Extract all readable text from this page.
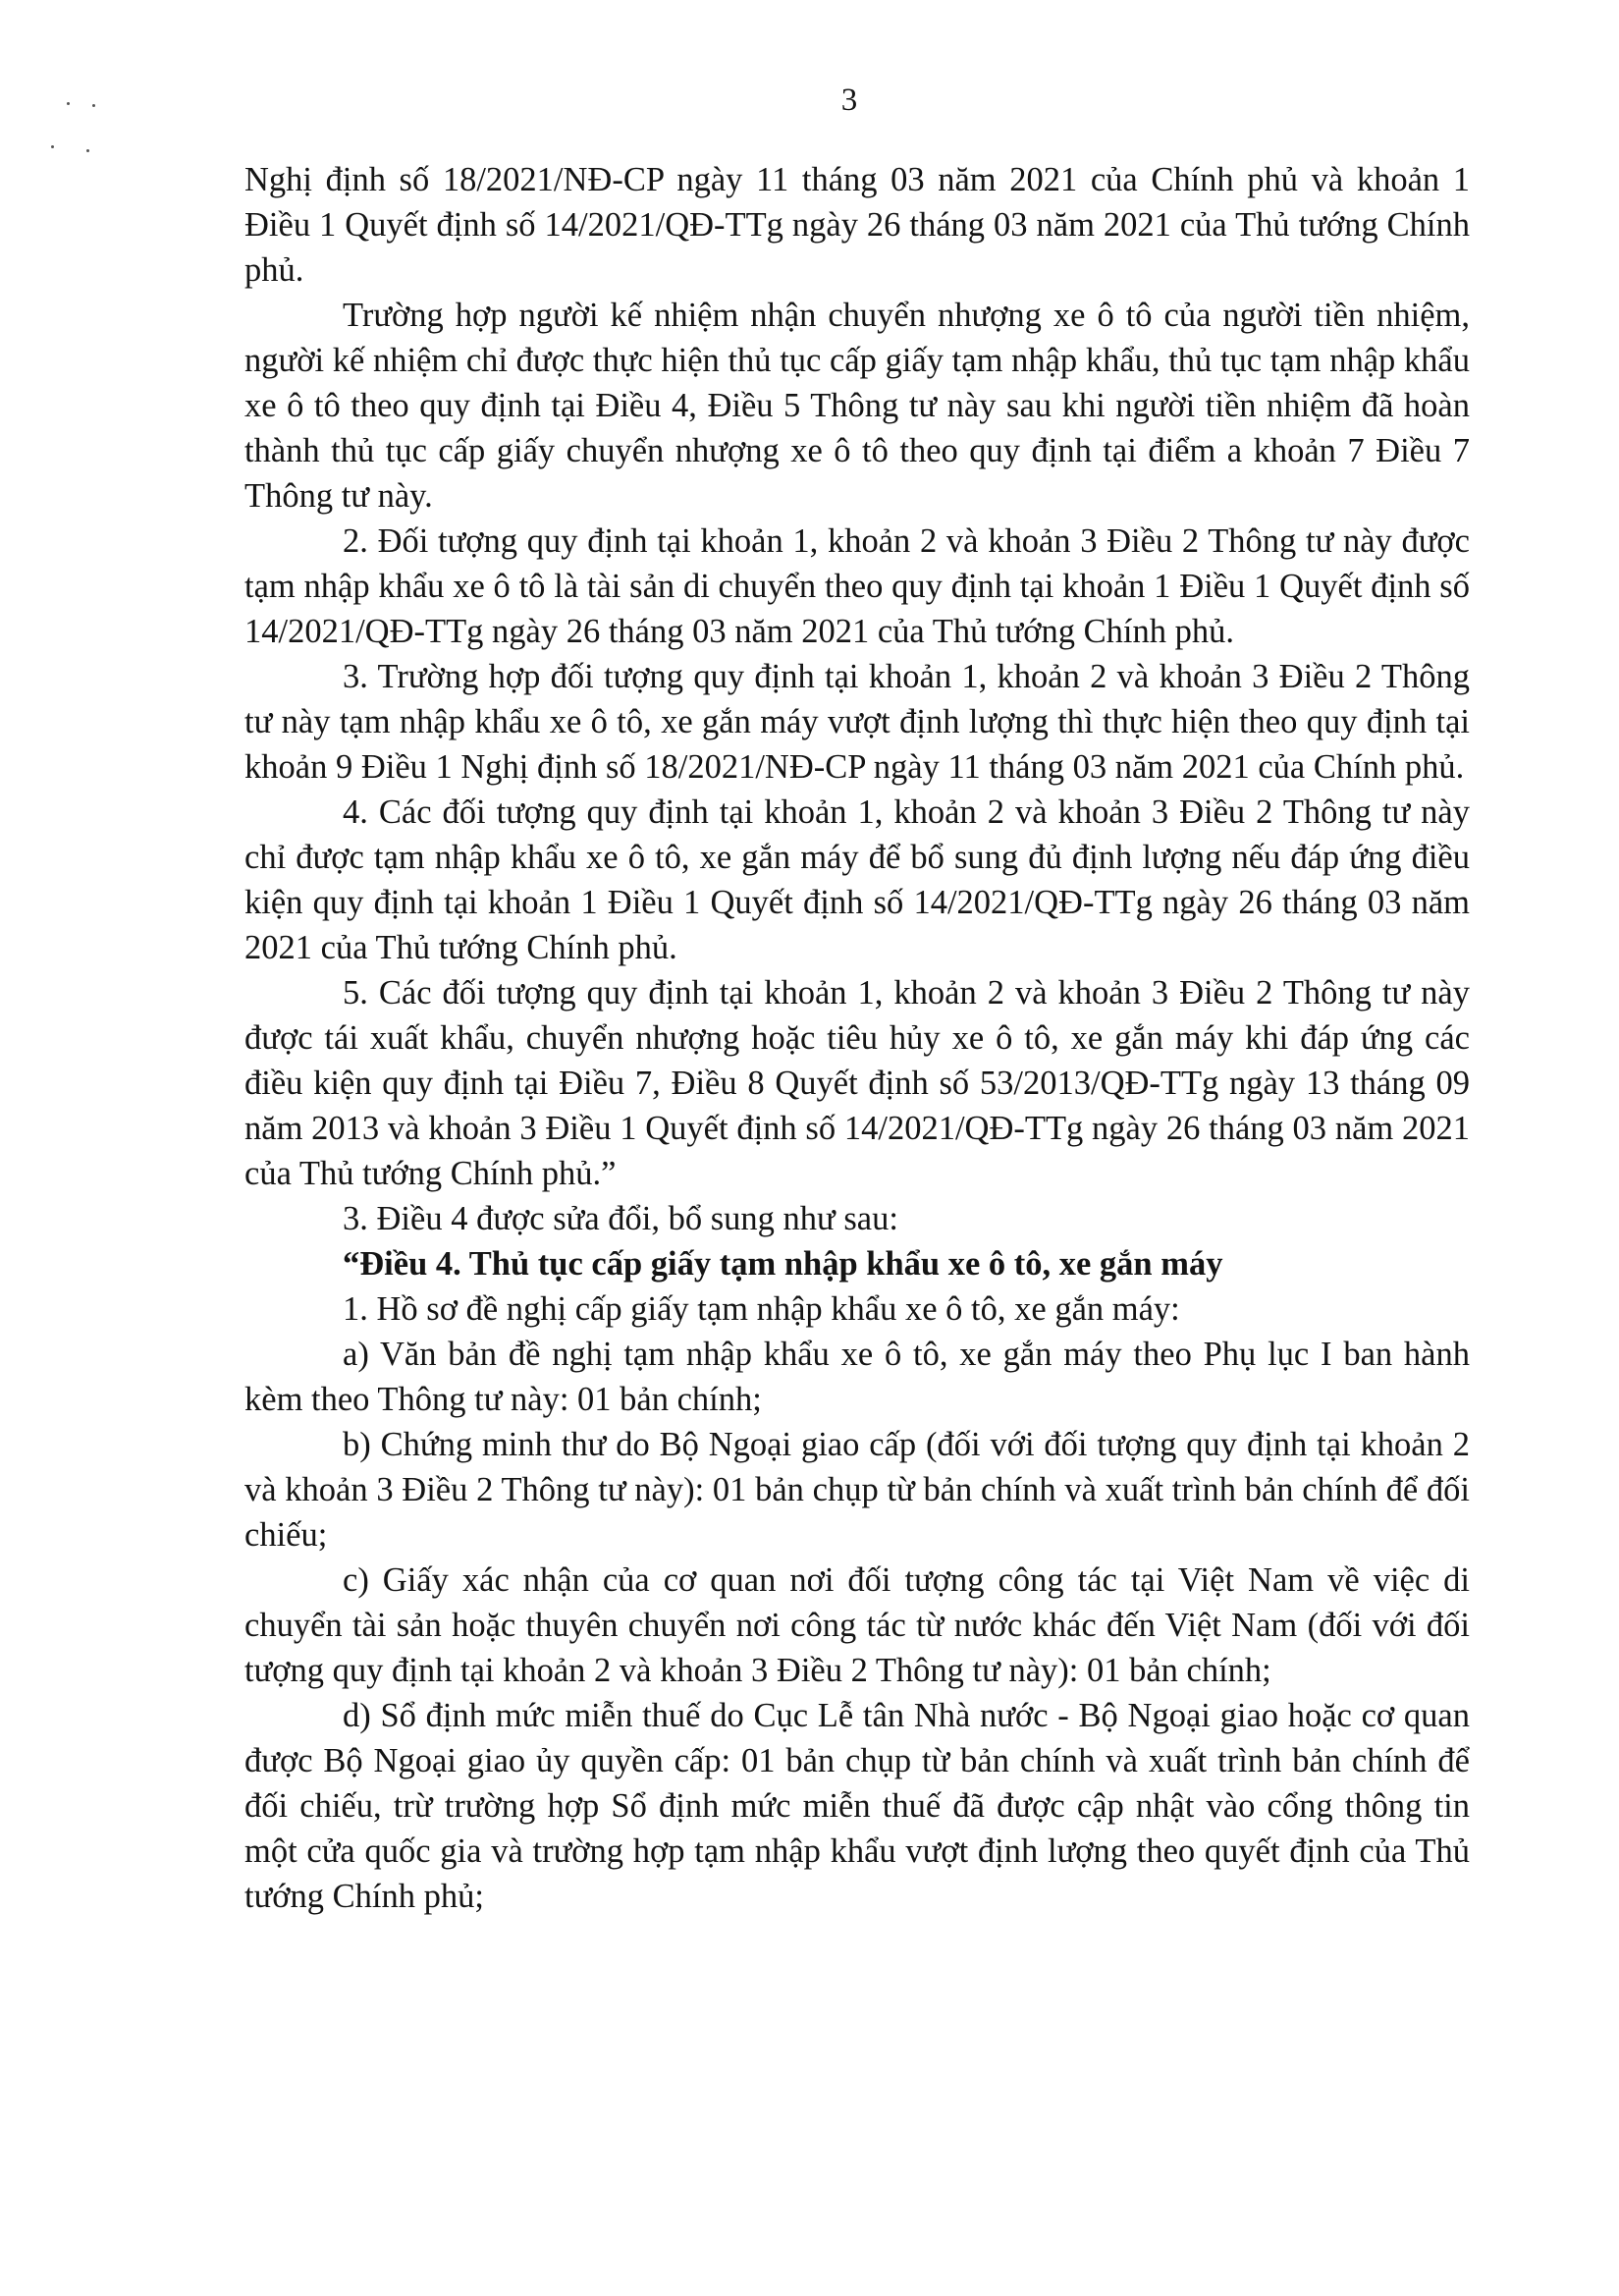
3

Nghị định số 18/2021/NĐ-CP ngày 11 tháng 03 năm 2021 của Chính phủ và khoản 1 Điều 1 Quyết định số 14/2021/QĐ-TTg ngày 26 tháng 03 năm 2021 của Thủ tướng Chính phủ.

Trường hợp người kế nhiệm nhận chuyển nhượng xe ô tô của người tiền nhiệm, người kế nhiệm chỉ được thực hiện thủ tục cấp giấy tạm nhập khẩu, thủ tục tạm nhập khẩu xe ô tô theo quy định tại Điều 4, Điều 5 Thông tư này sau khi người tiền nhiệm đã hoàn thành thủ tục cấp giấy chuyển nhượng xe ô tô theo quy định tại điểm a khoản 7 Điều 7 Thông tư này.

2. Đối tượng quy định tại khoản 1, khoản 2 và khoản 3 Điều 2 Thông tư này được tạm nhập khẩu xe ô tô là tài sản di chuyển theo quy định tại khoản 1 Điều 1 Quyết định số 14/2021/QĐ-TTg ngày 26 tháng 03 năm 2021 của Thủ tướng Chính phủ.

3. Trường hợp đối tượng quy định tại khoản 1, khoản 2 và khoản 3 Điều 2 Thông tư này tạm nhập khẩu xe ô tô, xe gắn máy vượt định lượng thì thực hiện theo quy định tại khoản 9 Điều 1 Nghị định số 18/2021/NĐ-CP ngày 11 tháng 03 năm 2021 của Chính phủ.

4. Các đối tượng quy định tại khoản 1, khoản 2 và khoản 3 Điều 2 Thông tư này chỉ được tạm nhập khẩu xe ô tô, xe gắn máy để bổ sung đủ định lượng nếu đáp ứng điều kiện quy định tại khoản 1 Điều 1 Quyết định số 14/2021/QĐ-TTg ngày 26 tháng 03 năm 2021 của Thủ tướng Chính phủ.

5. Các đối tượng quy định tại khoản 1, khoản 2 và khoản 3 Điều 2 Thông tư này được tái xuất khẩu, chuyển nhượng hoặc tiêu hủy xe ô tô, xe gắn máy khi đáp ứng các điều kiện quy định tại Điều 7, Điều 8 Quyết định số 53/2013/QĐ-TTg ngày 13 tháng 09 năm 2013 và khoản 3 Điều 1 Quyết định số 14/2021/QĐ-TTg ngày 26 tháng 03 năm 2021 của Thủ tướng Chính phủ.”

3. Điều 4 được sửa đổi, bổ sung như sau:

“Điều 4. Thủ tục cấp giấy tạm nhập khẩu xe ô tô, xe gắn máy

1. Hồ sơ đề nghị cấp giấy tạm nhập khẩu xe ô tô, xe gắn máy:

a) Văn bản đề nghị tạm nhập khẩu xe ô tô, xe gắn máy theo Phụ lục I ban hành kèm theo Thông tư này: 01 bản chính;

b) Chứng minh thư do Bộ Ngoại giao cấp (đối với đối tượng quy định tại khoản 2 và khoản 3 Điều 2 Thông tư này): 01 bản chụp từ bản chính và xuất trình bản chính để đối chiếu;

c) Giấy xác nhận của cơ quan nơi đối tượng công tác tại Việt Nam về việc di chuyển tài sản hoặc thuyên chuyển nơi công tác từ nước khác đến Việt Nam (đối với đối tượng quy định tại khoản 2 và khoản 3 Điều 2 Thông tư này): 01 bản chính;

d) Sổ định mức miễn thuế do Cục Lễ tân Nhà nước - Bộ Ngoại giao hoặc cơ quan được Bộ Ngoại giao ủy quyền cấp: 01 bản chụp từ bản chính và xuất trình bản chính để đối chiếu, trừ trường hợp Sổ định mức miễn thuế đã được cập nhật vào cổng thông tin một cửa quốc gia và trường hợp tạm nhập khẩu vượt định lượng theo quyết định của Thủ tướng Chính phủ;
